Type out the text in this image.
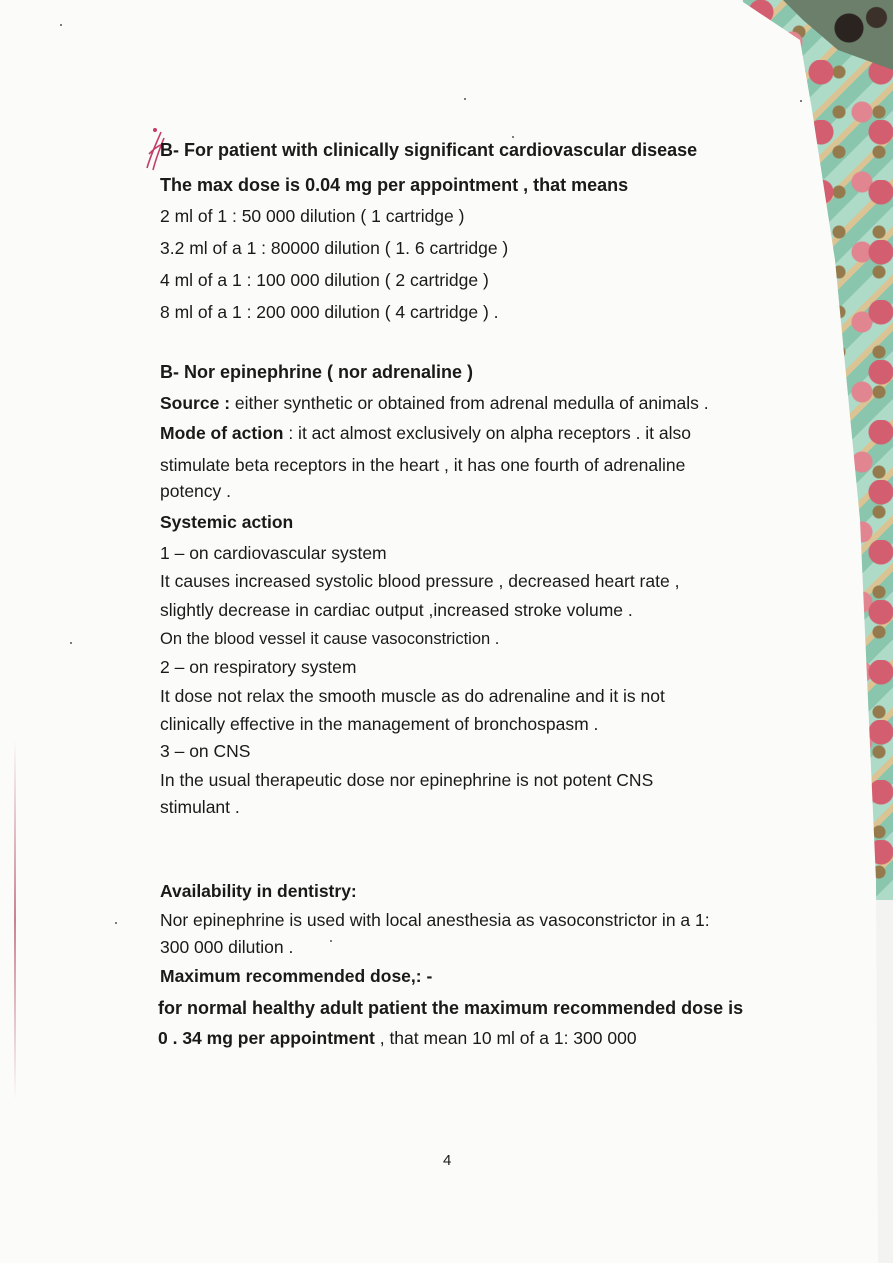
B- For patient with clinically significant cardiovascular disease
The max dose is 0.04 mg per appointment , that means
2 ml of 1 : 50 000 dilution ( 1 cartridge )
3.2 ml of a 1 : 80000 dilution ( 1. 6 cartridge )
4 ml of a 1 : 100 000 dilution ( 2 cartridge )
8 ml of a 1 : 200 000 dilution ( 4 cartridge ) .
B- Nor epinephrine ( nor adrenaline )
Source : either synthetic or obtained from adrenal medulla of animals .
Mode of action : it act almost exclusively on alpha receptors . it also
stimulate beta receptors in the heart , it has one fourth of adrenaline
potency .
Systemic action
1 – on cardiovascular system
It causes increased systolic blood pressure , decreased heart rate ,
slightly decrease in cardiac output ,increased stroke volume .
On the blood vessel it cause vasoconstriction .
2 – on respiratory system
It dose not relax the smooth muscle as do adrenaline and it is not
clinically effective in the management of bronchospasm .
3 – on CNS
In the usual therapeutic dose nor epinephrine is not potent CNS
stimulant .
Availability in dentistry:
Nor epinephrine is used with local anesthesia as vasoconstrictor in a 1:
300 000 dilution .
Maximum recommended dose,: -
for normal healthy adult patient the maximum recommended dose is
0 . 34 mg per appointment , that mean 10 ml of a 1: 300 000
4
